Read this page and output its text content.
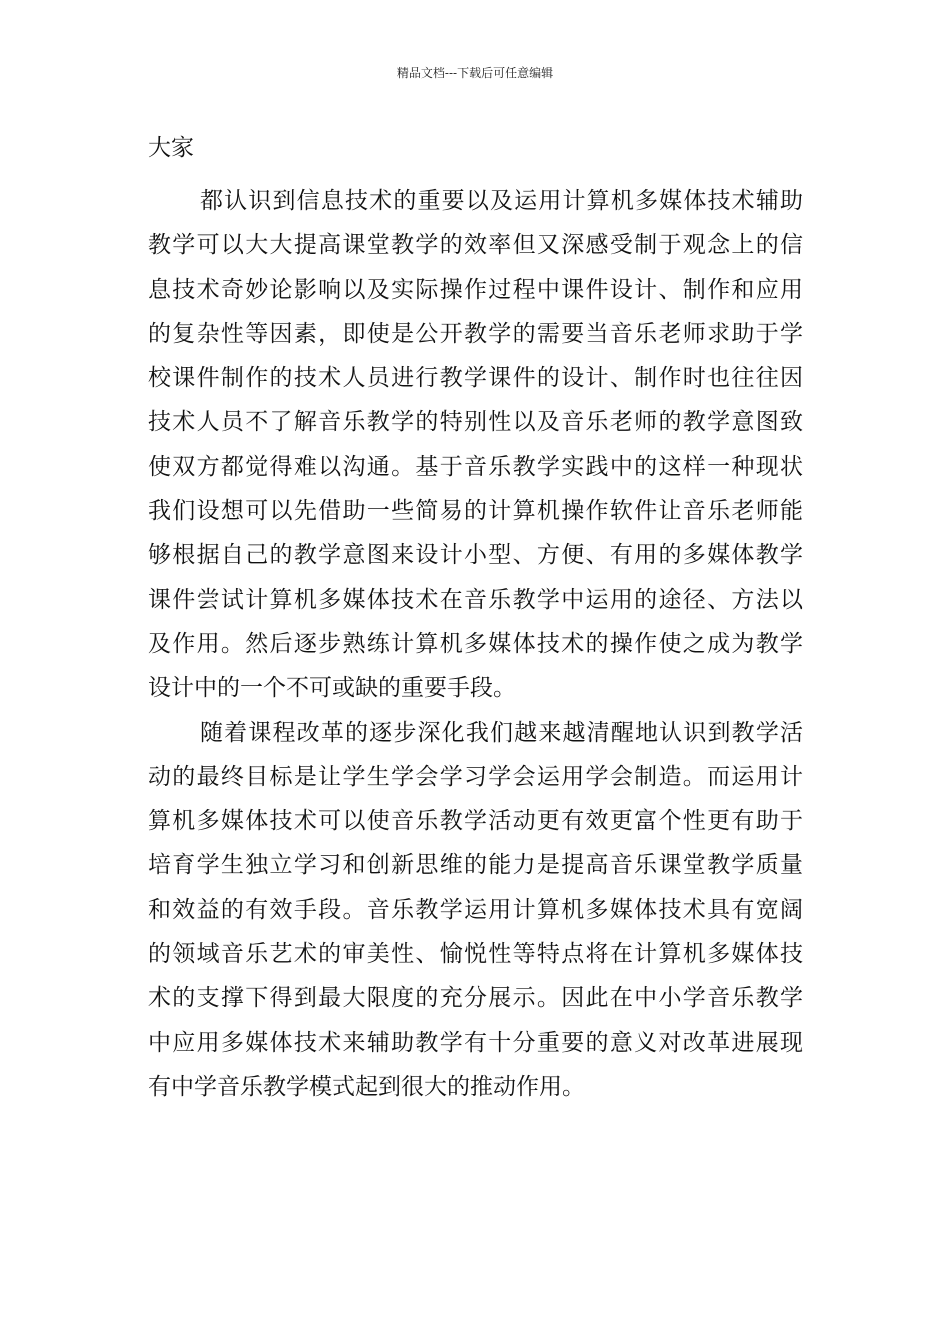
精品文档---下载后可任意编辑

大家

都认识到信息技术的重要以及运用计算机多媒体技术辅助
教学可以大大提高课堂教学的效率但又深感受制于观念上的信
息技术奇妙论影响以及实际操作过程中课件设计、制作和应用
的复杂性等因素，即使是公开教学的需要当音乐老师求助于学
校课件制作的技术人员进行教学课件的设计、制作时也往往因
技术人员不了解音乐教学的特别性以及音乐老师的教学意图致
使双方都觉得难以沟通。基于音乐教学实践中的这样一种现状
我们设想可以先借助一些简易的计算机操作软件让音乐老师能
够根据自己的教学意图来设计小型、方便、有用的多媒体教学
课件尝试计算机多媒体技术在音乐教学中运用的途径、方法以
及作用。然后逐步熟练计算机多媒体技术的操作使之成为教学
设计中的一个不可或缺的重要手段。

随着课程改革的逐步深化我们越来越清醒地认识到教学活
动的最终目标是让学生学会学习学会运用学会制造。而运用计
算机多媒体技术可以使音乐教学活动更有效更富个性更有助于
培育学生独立学习和创新思维的能力是提高音乐课堂教学质量
和效益的有效手段。音乐教学运用计算机多媒体技术具有宽阔
的领域音乐艺术的审美性、愉悦性等特点将在计算机多媒体技
术的支撑下得到最大限度的充分展示。因此在中小学音乐教学
中应用多媒体技术来辅助教学有十分重要的意义对改革进展现
有中学音乐教学模式起到很大的推动作用。
